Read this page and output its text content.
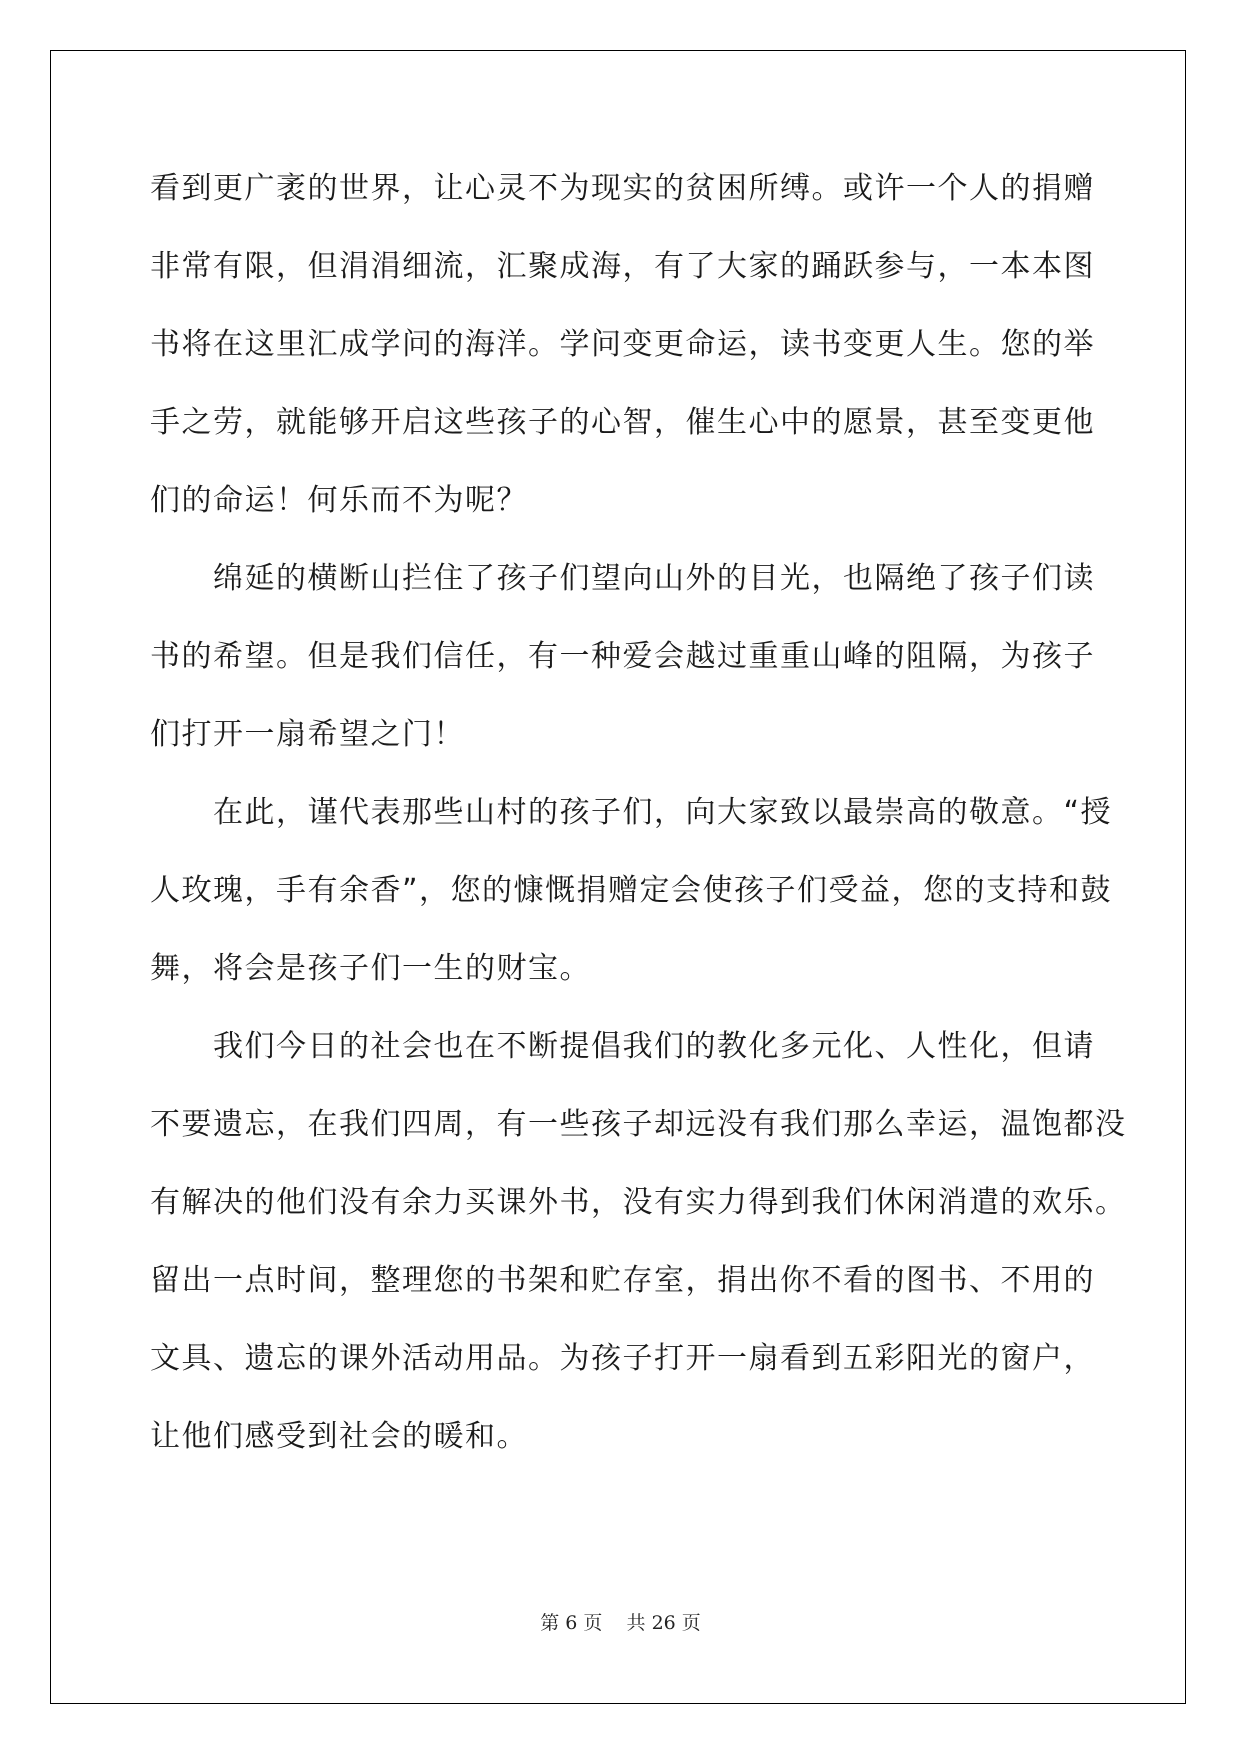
看到更广袤的世界，让心灵不为现实的贫困所缚。或许一个人的捐赠
非常有限，但涓涓细流，汇聚成海，有了大家的踊跃参与，一本本图
书将在这里汇成学问的海洋。学问变更命运，读书变更人生。您的举
手之劳，就能够开启这些孩子的心智，催生心中的愿景，甚至变更他
们的命运！何乐而不为呢？
绵延的横断山拦住了孩子们望向山外的目光，也隔绝了孩子们读
书的希望。但是我们信任，有一种爱会越过重重山峰的阻隔，为孩子
们打开一扇希望之门！
在此，谨代表那些山村的孩子们，向大家致以最崇高的敬意。“授
人玫瑰，手有余香”，您的慷慨捐赠定会使孩子们受益，您的支持和鼓
舞，将会是孩子们一生的财宝。
我们今日的社会也在不断提倡我们的教化多元化、人性化，但请
不要遗忘，在我们四周，有一些孩子却远没有我们那么幸运，温饱都没
有解决的他们没有余力买课外书，没有实力得到我们休闲消遣的欢乐。
留出一点时间，整理您的书架和贮存室，捐出你不看的图书、不用的
文具、遗忘的课外活动用品。为孩子打开一扇看到五彩阳光的窗户，
让他们感受到社会的暖和。
第 6 页 共 26 页
